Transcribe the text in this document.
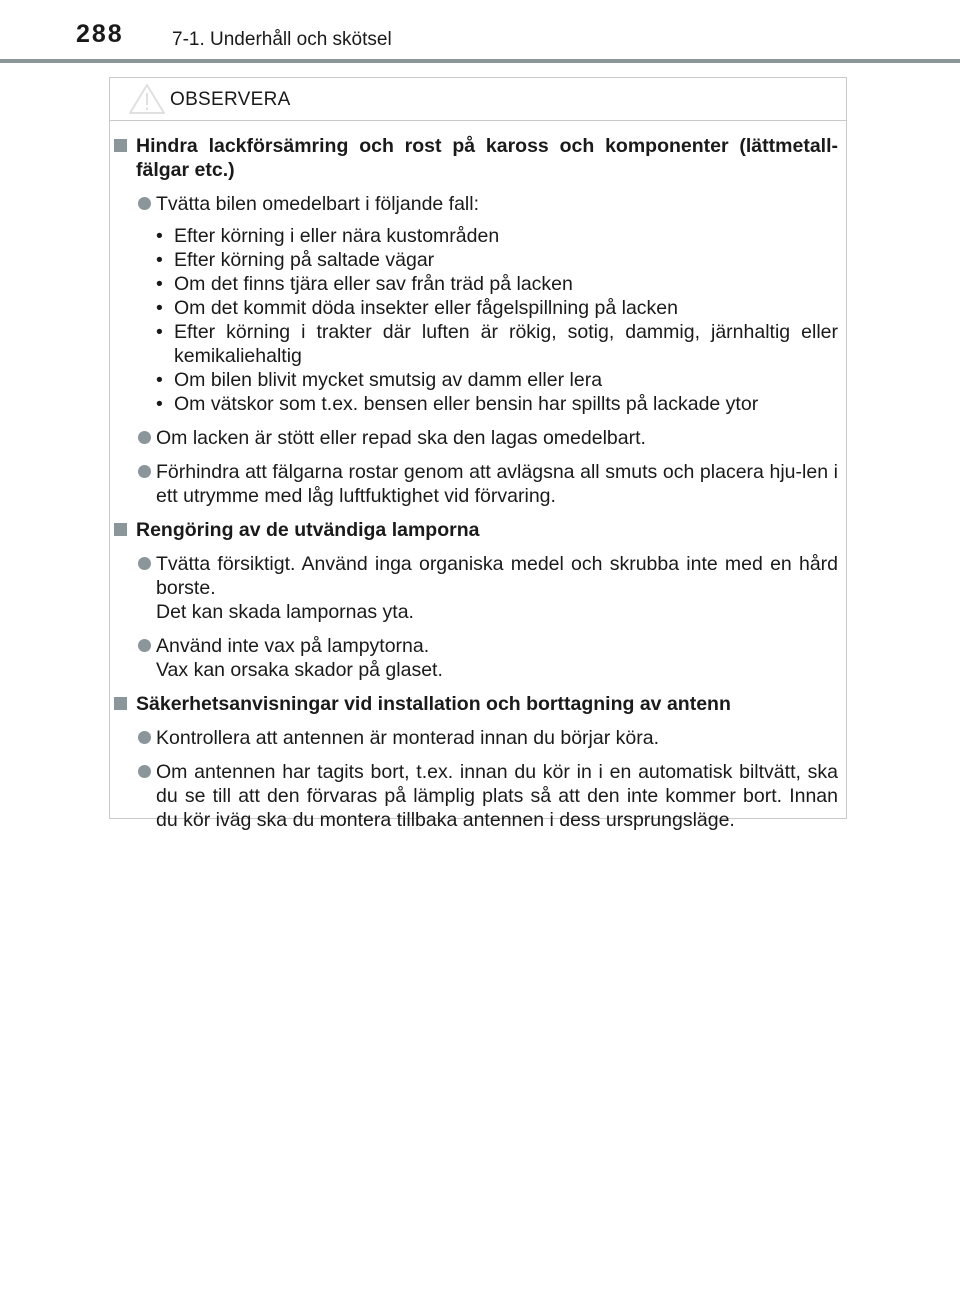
288	7-1. Underhåll och skötsel
OBSERVERA
Hindra lackförsämring och rost på kaross och komponenter (lättmetall-fälgar etc.)

Tvätta bilen omedelbart i följande fall:

• Efter körning i eller nära kustområden
• Efter körning på saltade vägar
• Om det finns tjära eller sav från träd på lacken
• Om det kommit döda insekter eller fågelspillning på lacken
• Efter körning i trakter där luften är rökig, sotig, dammig, järnhaltig eller kemikaliehaltig
• Om bilen blivit mycket smutsig av damm eller lera
• Om vätskor som t.ex. bensen eller bensin har spillts på lackade ytor

Om lacken är stött eller repad ska den lagas omedelbart.

Förhindra att fälgarna rostar genom att avlägsna all smuts och placera hju-len i ett utrymme med låg luftfuktighet vid förvaring.

Rengöring av de utvändiga lamporna

Tvätta försiktigt. Använd inga organiska medel och skrubba inte med en hård borste.

Det kan skada lampornas yta.

Använd inte vax på lampytorna.

Vax kan orsaka skador på glaset.

Säkerhetsanvisningar vid installation och borttagning av antenn

Kontrollera att antennen är monterad innan du börjar köra.

Om antennen har tagits bort, t.ex. innan du kör in i en automatisk biltvätt, ska du se till att den förvaras på lämplig plats så att den inte kommer bort. Innan du kör iväg ska du montera tillbaka antennen i dess ursprungsläge.
